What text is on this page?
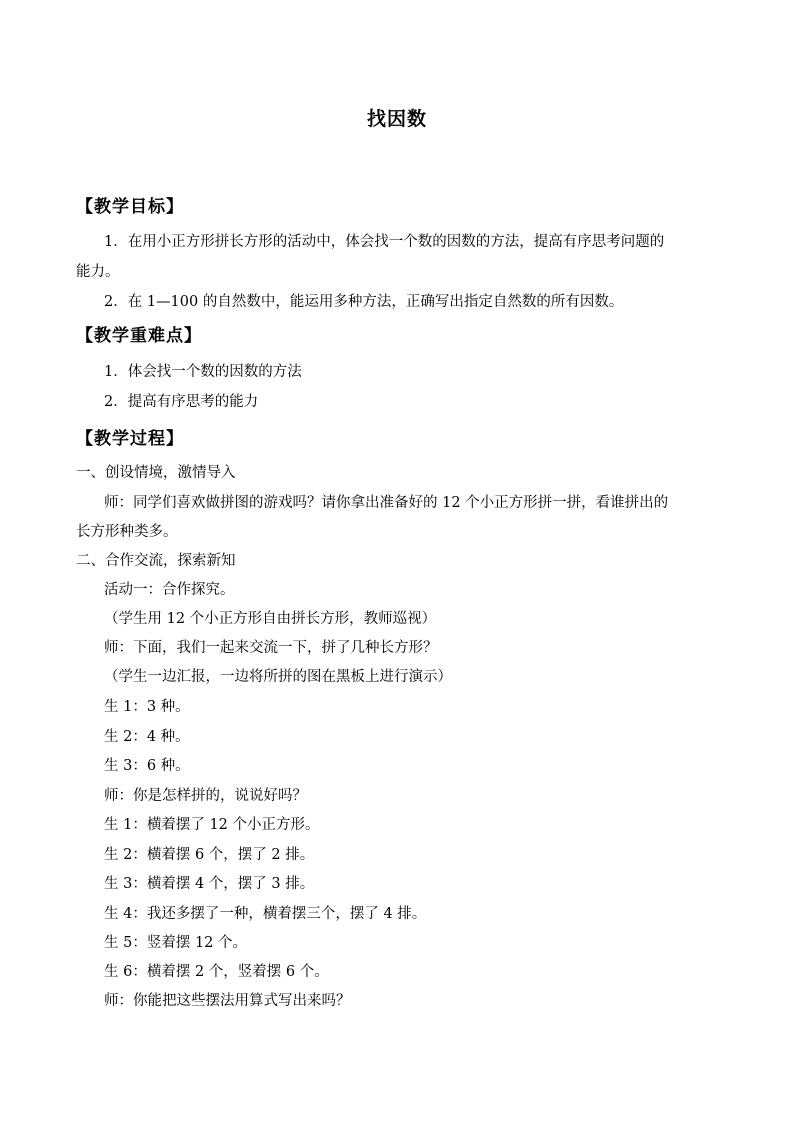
找因数
【教学目标】
1．在用小正方形拼长方形的活动中，体会找一个数的因数的方法，提高有序思考问题的
能力。
2．在 1—100 的自然数中，能运用多种方法，正确写出指定自然数的所有因数。
【教学重难点】
1．体会找一个数的因数的方法
2．提高有序思考的能力
【教学过程】
一、创设情境，激情导入
师：同学们喜欢做拼图的游戏吗？请你拿出准备好的 12 个小正方形拼一拼，看谁拼出的
长方形种类多。
二、合作交流，探索新知
活动一：合作探究。
（学生用 12 个小正方形自由拼长方形，教师巡视）
师：下面，我们一起来交流一下，拼了几种长方形？
（学生一边汇报，一边将所拼的图在黑板上进行演示）
生 1：3 种。
生 2：4 种。
生 3：6 种。
师：你是怎样拼的，说说好吗？
生 1：横着摆了 12 个小正方形。
生 2：横着摆 6 个，摆了 2 排。
生 3：横着摆 4 个，摆了 3 排。
生 4：我还多摆了一种，横着摆三个，摆了 4 排。
生 5：竖着摆 12 个。
生 6：横着摆 2 个，竖着摆 6 个。
师：你能把这些摆法用算式写出来吗？
